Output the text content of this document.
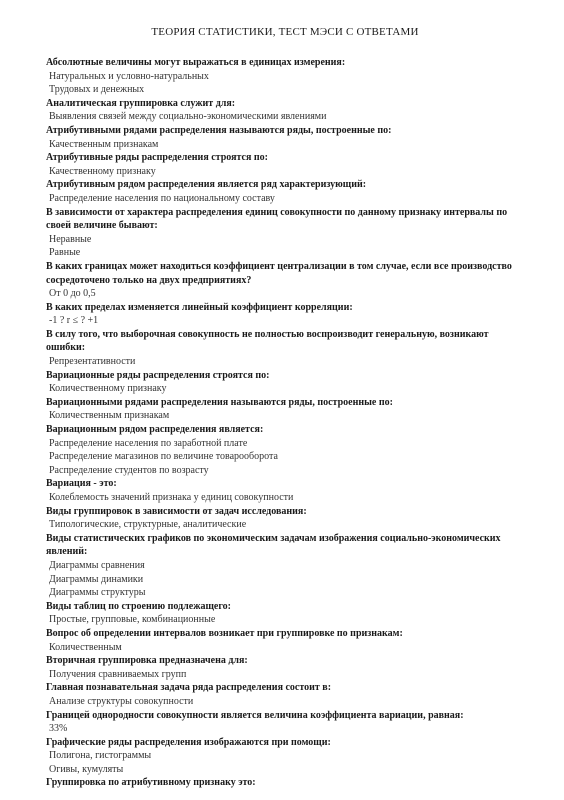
ТЕОРИЯ СТАТИСТИКИ, ТЕСТ МЭСИ С ОТВЕТАМИ
Абсолютные величины могут выражаться в единицах измерения:
Натуральных и условно-натуральных
Трудовых и денежных
Аналитическая группировка служит для:
Выявления связей между социально-экономическими явлениями
Атрибутивными рядами распределения называются ряды, построенные по:
Качественным признакам
Атрибутивные ряды распределения строятся по:
Качественному признаку
Атрибутивным рядом распределения является ряд характеризующий:
Распределение населения по национальному составу
В зависимости от характера распределения единиц совокупности по данному признаку интервалы по своей величине бывают:
Неравные
Равные
В каких границах может находиться коэффициент централизации в том случае, если все производство сосредоточено только на двух предприятиях?
От 0 до 0,5
В каких пределах изменяется линейный коэффициент корреляции:
-1 ? r ≤ ? +1
В силу того, что выборочная совокупность не полностью воспроизводит генеральную, возникают ошибки:
Репрезентативности
Вариационные ряды распределения строятся по:
Количественному признаку
Вариационными рядами распределения называются ряды, построенные по:
Количественным признакам
Вариационным рядом распределения является:
Распределение населения по заработной плате
Распределение магазинов по величине товарооборота
Распределение студентов по возрасту
Вариация - это:
Колеблемость значений признака у единиц совокупности
Виды группировок в зависимости от задач исследования:
Типологические, структурные, аналитические
Виды статистических графиков по экономическим задачам изображения социально-экономических явлений:
Диаграммы сравнения
Диаграммы динамики
Диаграммы структуры
Виды таблиц по строению подлежащего:
Простые, групповые, комбинационные
Вопрос об определении интервалов возникает при группировке по признакам:
Количественным
Вторичная группировка предназначена для:
Получения сравниваемых групп
Главная познавательная задача ряда распределения состоит в:
Анализе структуры совокупности
Границей однородности совокупности является величина коэффициента вариации, равная:
33%
Графические ряды распределения изображаются при помощи:
Полигона, гистограммы
Огивы, кумуляты
Группировка по атрибутивному признаку это:
